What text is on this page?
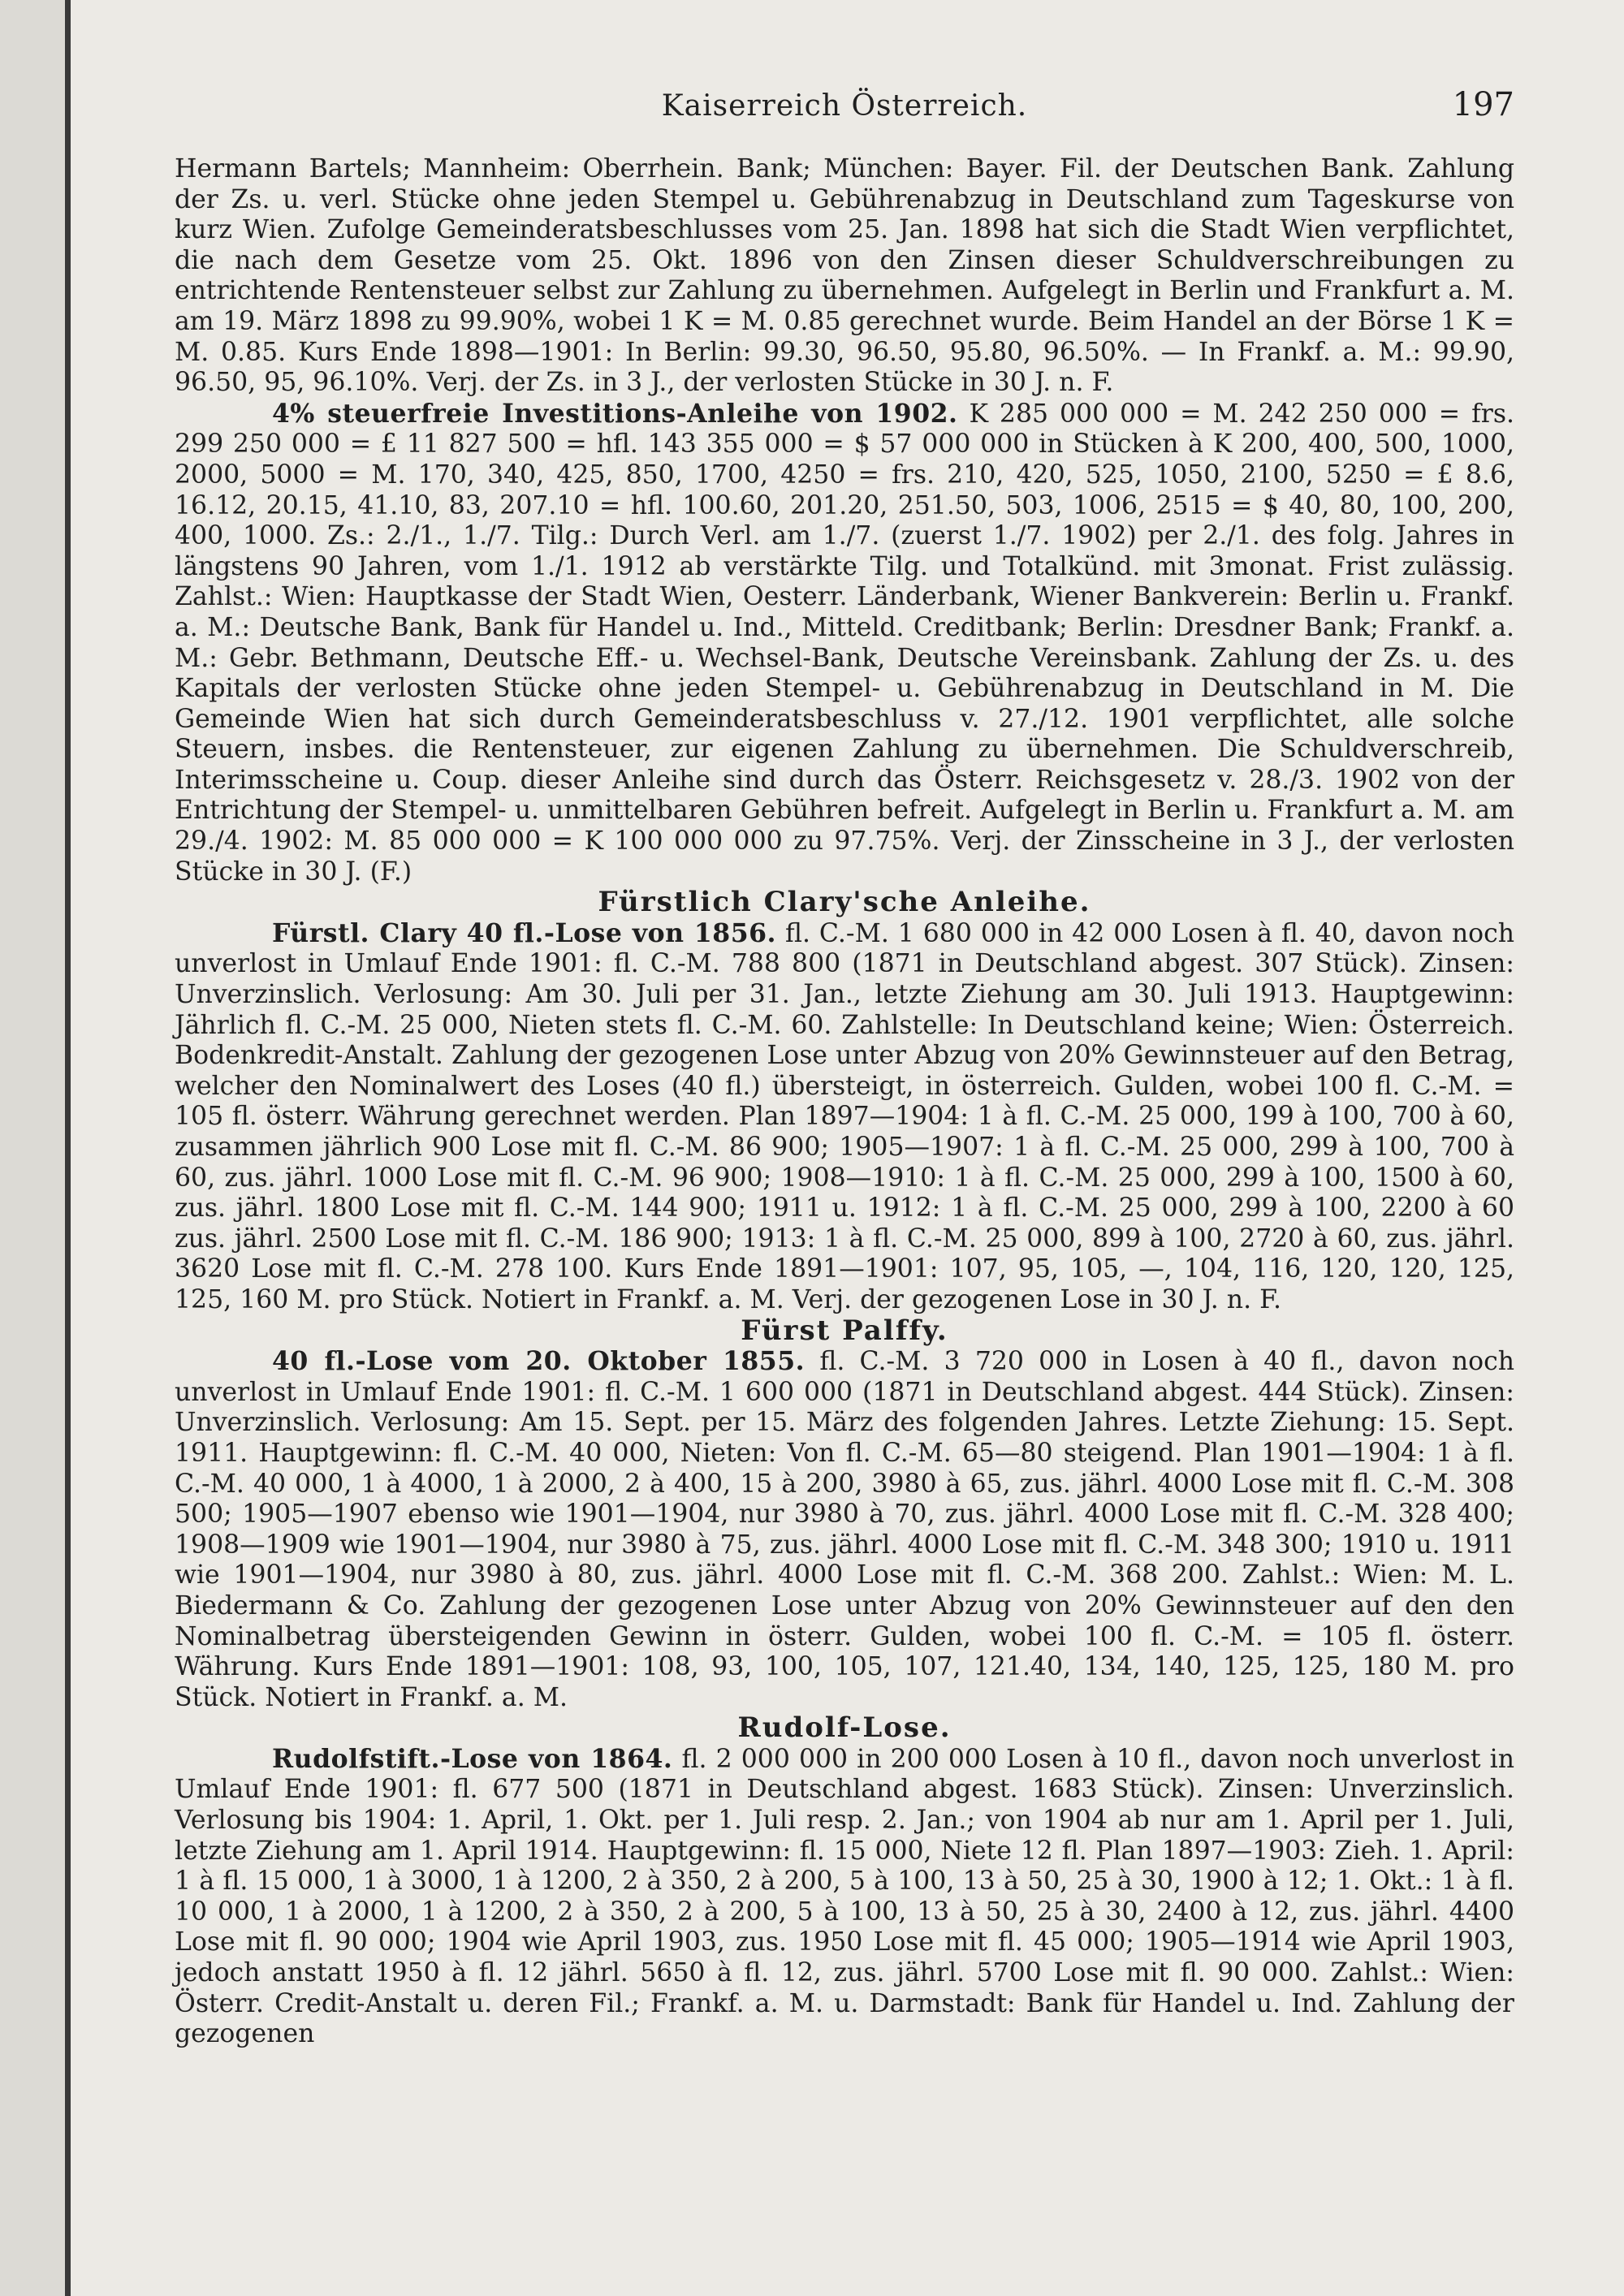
Kaiserreich Österreich.	197

Hermann Bartels; Mannheim: Oberrhein. Bank; München: Bayer. Fil. der Deutschen Bank. Zahlung der Zs. u. verl. Stücke ohne jeden Stempel u. Gebührenabzug in Deutschland zum Tageskurse von kurz Wien. Zufolge Gemeinderatsbeschlusses vom 25. Jan. 1898 hat sich die Stadt Wien verpflichtet, die nach dem Gesetze vom 25. Okt. 1896 von den Zinsen dieser Schuldverschreibungen zu entrichtende Rentensteuer selbst zur Zahlung zu übernehmen. Aufgelegt in Berlin und Frankfurt a. M. am 19. März 1898 zu 99.90%, wobei 1 K = M. 0.85 gerechnet wurde. Beim Handel an der Börse 1 K = M. 0.85. Kurs Ende 1898—1901: In Berlin: 99.30, 96.50, 95.80, 96.50%. — In Frankf. a. M.: 99.90, 96.50, 95, 96.10%. Verj. der Zs. in 3 J., der verlosten Stücke in 30 J. n. F.

4% steuerfreie Investitions-Anleihe von 1902. K 285 000 000 = M. 242 250 000 = frs. 299 250 000 = £ 11 827 500 = hfl. 143 355 000 = $ 57 000 000 in Stücken à K 200, 400, 500, 1000, 2000, 5000 = M. 170, 340, 425, 850, 1700, 4250 = frs. 210, 420, 525, 1050, 2100, 5250 = £ 8.6, 16.12, 20.15, 41.10, 83, 207.10 = hfl. 100.60, 201.20, 251.50, 503, 1006, 2515 = $ 40, 80, 100, 200, 400, 1000. Zs.: 2./1., 1./7. Tilg.: Durch Verl. am 1./7. (zuerst 1./7. 1902) per 2./1. des folg. Jahres in längstens 90 Jahren, vom 1./1. 1912 ab verstärkte Tilg. und Totalkünd. mit 3monat. Frist zulässig. Zahlst.: Wien: Hauptkasse der Stadt Wien, Oesterr. Länderbank, Wiener Bankverein: Berlin u. Frankf. a. M.: Deutsche Bank, Bank für Handel u. Ind., Mitteld. Creditbank; Berlin: Dresdner Bank; Frankf. a. M.: Gebr. Bethmann, Deutsche Eff.- u. Wechsel-Bank, Deutsche Vereinsbank. Zahlung der Zs. u. des Kapitals der verlosten Stücke ohne jeden Stempel- u. Gebührenabzug in Deutschland in M. Die Gemeinde Wien hat sich durch Gemeinderatsbeschluss v. 27./12. 1901 verpflichtet, alle solche Steuern, insbes. die Rentensteuer, zur eigenen Zahlung zu übernehmen. Die Schuldverschreib, Interimsscheine u. Coup. dieser Anleihe sind durch das Österr. Reichsgesetz v. 28./3. 1902 von der Entrichtung der Stempel- u. unmittelbaren Gebühren befreit. Aufgelegt in Berlin u. Frankfurt a. M. am 29./4. 1902: M. 85 000 000 = K 100 000 000 zu 97.75%. Verj. der Zinsscheine in 3 J., der verlosten Stücke in 30 J. (F.)

Fürstlich Clary'sche Anleihe.

Fürstl. Clary 40 fl.-Lose von 1856. fl. C.-M. 1 680 000 in 42 000 Losen à fl. 40, davon noch unverlost in Umlauf Ende 1901: fl. C.-M. 788 800 (1871 in Deutschland abgest. 307 Stück). Zinsen: Unverzinslich. Verlosung: Am 30. Juli per 31. Jan., letzte Ziehung am 30. Juli 1913. Hauptgewinn: Jährlich fl. C.-M. 25 000, Nieten stets fl. C.-M. 60. Zahlstelle: In Deutschland keine; Wien: Österreich. Bodenkredit-Anstalt. Zahlung der gezogenen Lose unter Abzug von 20% Gewinnsteuer auf den Betrag, welcher den Nominalwert des Loses (40 fl.) übersteigt, in österreich. Gulden, wobei 100 fl. C.-M. = 105 fl. österr. Währung gerechnet werden. Plan 1897—1904: 1 à fl. C.-M. 25 000, 199 à 100, 700 à 60, zusammen jährlich 900 Lose mit fl. C.-M. 86 900; 1905—1907: 1 à fl. C.-M. 25 000, 299 à 100, 700 à 60, zus. jährl. 1000 Lose mit fl. C.-M. 96 900; 1908—1910: 1 à fl. C.-M. 25 000, 299 à 100, 1500 à 60, zus. jährl. 1800 Lose mit fl. C.-M. 144 900; 1911 u. 1912: 1 à fl. C.-M. 25 000, 299 à 100, 2200 à 60 zus. jährl. 2500 Lose mit fl. C.-M. 186 900; 1913: 1 à fl. C.-M. 25 000, 899 à 100, 2720 à 60, zus. jährl. 3620 Lose mit fl. C.-M. 278 100. Kurs Ende 1891—1901: 107, 95, 105, —, 104, 116, 120, 120, 125, 125, 160 M. pro Stück. Notiert in Frankf. a. M. Verj. der gezogenen Lose in 30 J. n. F.

Fürst Palffy.

40 fl.-Lose vom 20. Oktober 1855. fl. C.-M. 3 720 000 in Losen à 40 fl., davon noch unverlost in Umlauf Ende 1901: fl. C.-M. 1 600 000 (1871 in Deutschland abgest. 444 Stück). Zinsen: Unverzinslich. Verlosung: Am 15. Sept. per 15. März des folgenden Jahres. Letzte Ziehung: 15. Sept. 1911. Hauptgewinn: fl. C.-M. 40 000, Nieten: Von fl. C.-M. 65—80 steigend. Plan 1901—1904: 1 à fl. C.-M. 40 000, 1 à 4000, 1 à 2000, 2 à 400, 15 à 200, 3980 à 65, zus. jährl. 4000 Lose mit fl. C.-M. 308 500; 1905—1907 ebenso wie 1901—1904, nur 3980 à 70, zus. jährl. 4000 Lose mit fl. C.-M. 328 400; 1908—1909 wie 1901—1904, nur 3980 à 75, zus. jährl. 4000 Lose mit fl. C.-M. 348 300; 1910 u. 1911 wie 1901—1904, nur 3980 à 80, zus. jährl. 4000 Lose mit fl. C.-M. 368 200. Zahlst.: Wien: M. L. Biedermann & Co. Zahlung der gezogenen Lose unter Abzug von 20% Gewinnsteuer auf den den Nominalbetrag übersteigenden Gewinn in österr. Gulden, wobei 100 fl. C.-M. = 105 fl. österr. Währung. Kurs Ende 1891—1901: 108, 93, 100, 105, 107, 121.40, 134, 140, 125, 125, 180 M. pro Stück. Notiert in Frankf. a. M.

Rudolf-Lose.

Rudolfstift.-Lose von 1864. fl. 2 000 000 in 200 000 Losen à 10 fl., davon noch unverlost in Umlauf Ende 1901: fl. 677 500 (1871 in Deutschland abgest. 1683 Stück). Zinsen: Unverzinslich. Verlosung bis 1904: 1. April, 1. Okt. per 1. Juli resp. 2. Jan.; von 1904 ab nur am 1. April per 1. Juli, letzte Ziehung am 1. April 1914. Hauptgewinn: fl. 15 000, Niete 12 fl. Plan 1897—1903: Zieh. 1. April: 1 à fl. 15 000, 1 à 3000, 1 à 1200, 2 à 350, 2 à 200, 5 à 100, 13 à 50, 25 à 30, 1900 à 12; 1. Okt.: 1 à fl. 10 000, 1 à 2000, 1 à 1200, 2 à 350, 2 à 200, 5 à 100, 13 à 50, 25 à 30, 2400 à 12, zus. jährl. 4400 Lose mit fl. 90 000; 1904 wie April 1903, zus. 1950 Lose mit fl. 45 000; 1905—1914 wie April 1903, jedoch anstatt 1950 à fl. 12 jährl. 5650 à fl. 12, zus. jährl. 5700 Lose mit fl. 90 000. Zahlst.: Wien: Österr. Credit-Anstalt u. deren Fil.; Frankf. a. M. u. Darmstadt: Bank für Handel u. Ind. Zahlung der gezogenen
